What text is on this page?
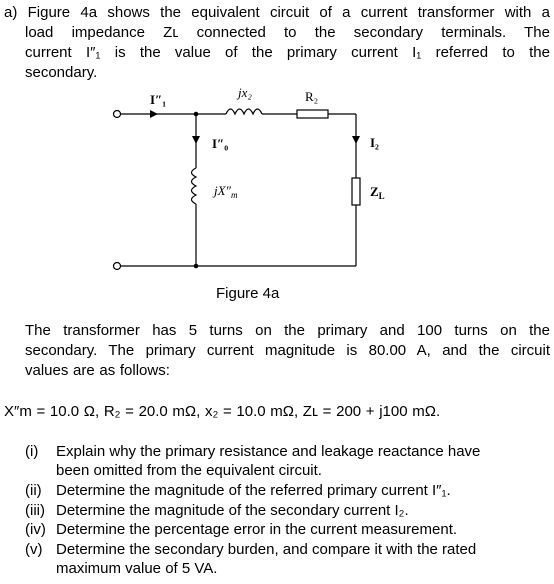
a) Figure 4a shows the equivalent circuit of a current transformer with a
load impedance Zʟ connected to the secondary terminals. The
current I″₁ is the value of the primary current I₁ referred to the
secondary.
I″₁	jx₂	R₂
I″₀	I₂
$jX''_m$	$Z_L$
Figure 4a
The transformer has 5 turns on the primary and 100 turns on the
secondary. The primary current magnitude is 80.00 A, and the circuit
values are as follows:
X″m = 10.0 Ω, R₂ = 20.0 mΩ, x₂ = 10.0 mΩ, Zʟ = 200 + j100 mΩ.
(i) Explain why the primary resistance and leakage reactance have
been omitted from the equivalent circuit.
(ii) Determine the magnitude of the referred primary current I″₁.
(iii) Determine the magnitude of the secondary current I₂.
(iv) Determine the percentage error in the current measurement.
(v) Determine the secondary burden, and compare it with the rated
maximum value of 5 VA.
